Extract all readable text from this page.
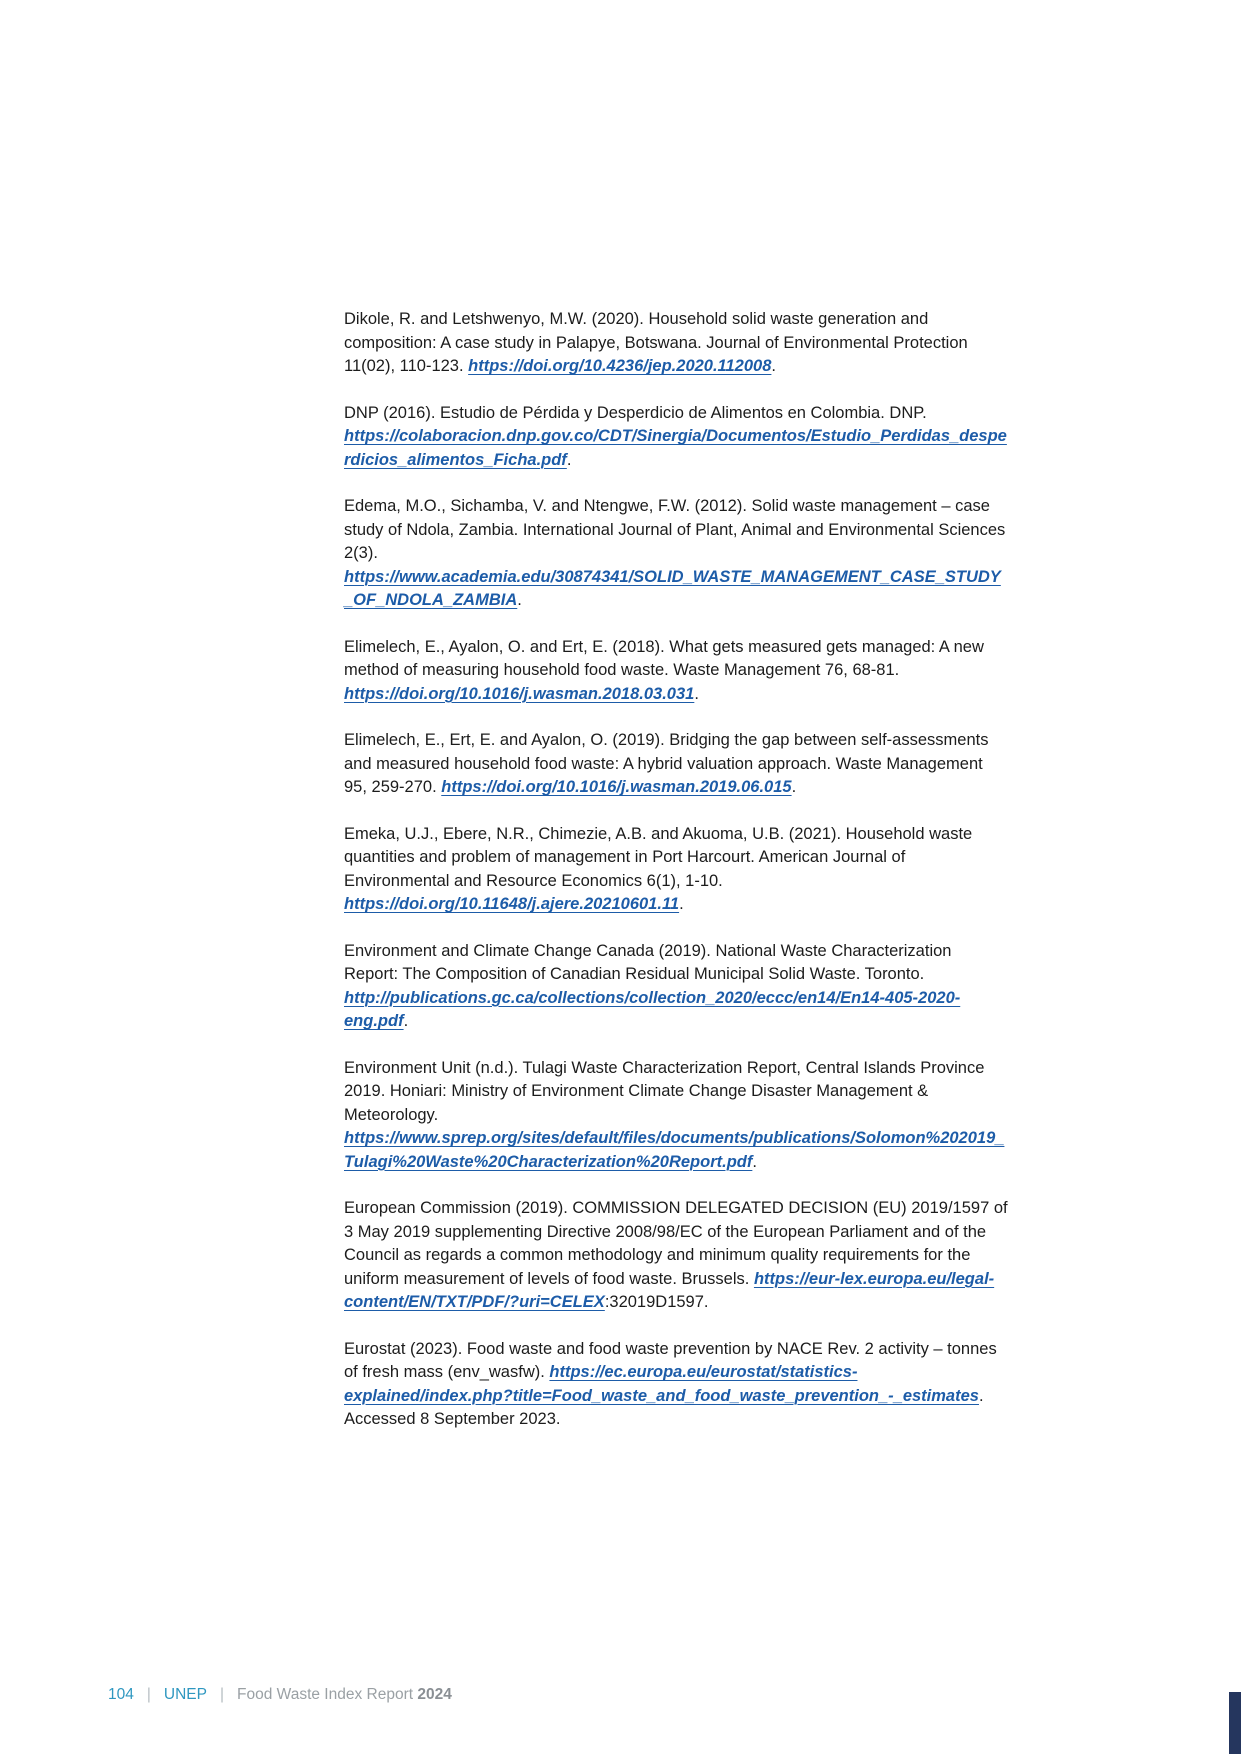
Dikole, R. and Letshwenyo, M.W. (2020). Household solid waste generation and composition: A case study in Palapye, Botswana. Journal of Environmental Protection 11(02), 110-123. https://doi.org/10.4236/jep.2020.112008.

DNP (2016). Estudio de Pérdida y Desperdicio de Alimentos en Colombia. DNP. https://colaboracion.dnp.gov.co/CDT/Sinergia/Documentos/Estudio_Perdidas_desperdicios_alimentos_Ficha.pdf.

Edema, M.O., Sichamba, V. and Ntengwe, F.W. (2012). Solid waste management – case study of Ndola, Zambia. International Journal of Plant, Animal and Environmental Sciences 2(3). https://www.academia.edu/30874341/SOLID_WASTE_MANAGEMENT_CASE_STUDY_OF_NDOLA_ZAMBIA.

Elimelech, E., Ayalon, O. and Ert, E. (2018). What gets measured gets managed: A new method of measuring household food waste. Waste Management 76, 68-81. https://doi.org/10.1016/j.wasman.2018.03.031.

Elimelech, E., Ert, E. and Ayalon, O. (2019). Bridging the gap between self-assessments and measured household food waste: A hybrid valuation approach. Waste Management 95, 259-270. https://doi.org/10.1016/j.wasman.2019.06.015.

Emeka, U.J., Ebere, N.R., Chimezie, A.B. and Akuoma, U.B. (2021). Household waste quantities and problem of management in Port Harcourt. American Journal of Environmental and Resource Economics 6(1), 1-10. https://doi.org/10.11648/j.ajere.20210601.11.

Environment and Climate Change Canada (2019). National Waste Characterization Report: The Composition of Canadian Residual Municipal Solid Waste. Toronto. http://publications.gc.ca/collections/collection_2020/eccc/en14/En14-405-2020-eng.pdf.

Environment Unit (n.d.). Tulagi Waste Characterization Report, Central Islands Province 2019. Honiari: Ministry of Environment Climate Change Disaster Management & Meteorology. https://www.sprep.org/sites/default/files/documents/publications/Solomon%202019_Tulagi%20Waste%20Characterization%20Report.pdf.

European Commission (2019). COMMISSION DELEGATED DECISION (EU) 2019/1597 of 3 May 2019 supplementing Directive 2008/98/EC of the European Parliament and of the Council as regards a common methodology and minimum quality requirements for the uniform measurement of levels of food waste. Brussels. https://eur-lex.europa.eu/legal-content/EN/TXT/PDF/?uri=CELEX:32019D1597.

Eurostat (2023). Food waste and food waste prevention by NACE Rev. 2 activity – tonnes of fresh mass (env_wasfw). https://ec.europa.eu/eurostat/statistics-explained/index.php?title=Food_waste_and_food_waste_prevention_-_estimates. Accessed 8 September 2023.

104 | UNEP | Food Waste Index Report 2024
